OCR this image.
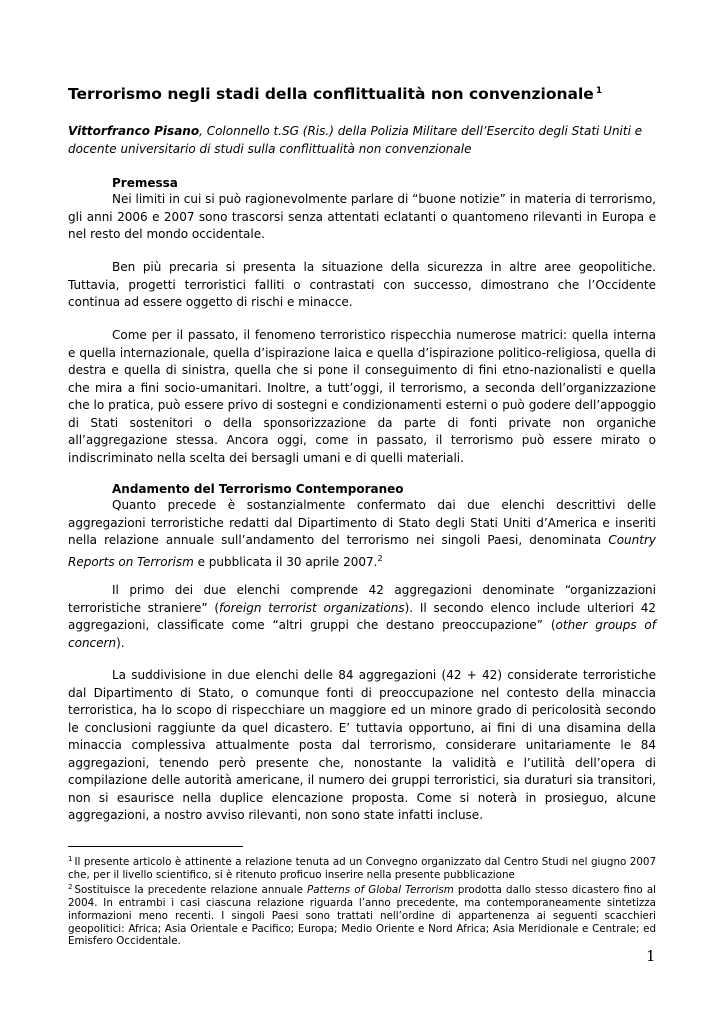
Terrorismo negli stadi della conflittualità non convenzionale $^1$
Vittorfranco Pisano, Colonnello t.SG (Ris.) della Polizia Militare dell’Esercito degli Stati Uniti e docente universitario di studi sulla conflittualità non convenzionale
Premessa

Nei limiti in cui si può ragionevolmente parlare di “buone notizie” in materia di terrorismo, gli anni 2006 e 2007 sono trascorsi senza attentati eclatanti o quantomeno rilevanti in Europa e nel resto del mondo occidentale.

Ben più precaria si presenta la situazione della sicurezza in altre aree geopolitiche. Tuttavia, progetti terroristici falliti o contrastati con successo, dimostrano che l’Occidente continua ad essere oggetto di rischi e minacce.

Come per il passato, il fenomeno terroristico rispecchia numerose matrici: quella interna e quella internazionale, quella d’ispirazione laica e quella d’ispirazione politico-religiosa, quella di destra e quella di sinistra, quella che si pone il conseguimento di fini etno-nazionalisti e quella che mira a fini socio-umanitari. Inoltre, a tutt’oggi, il terrorismo, a seconda dell’organizzazione che lo pratica, può essere privo di sostegni e condizionamenti esterni o può godere dell’appoggio di Stati sostenitori o della sponsorizzazione da parte di fonti private non organiche all’aggregazione stessa. Ancora oggi, come in passato, il terrorismo può essere mirato o indiscriminato nella scelta dei bersagli umani e di quelli materiali.

Andamento del Terrorismo Contemporaneo

Quanto precede è sostanzialmente confermato dai due elenchi descrittivi delle aggregazioni terroristiche redatti dal Dipartimento di Stato degli Stati Uniti d’America e inseriti nella relazione annuale sull’andamento del terrorismo nei singoli Paesi, denominata Country Reports on Terrorism e pubblicata il 30 aprile 2007.$^2$

Il primo dei due elenchi comprende 42 aggregazioni denominate “organizzazioni terroristiche straniere” (foreign terrorist organizations). Il secondo elenco include ulteriori 42 aggregazioni, classificate come “altri gruppi che destano preoccupazione” (other groups of concern).

La suddivisione in due elenchi delle 84 aggregazioni (42 + 42) considerate terroristiche dal Dipartimento di Stato, o comunque fonti di preoccupazione nel contesto della minaccia terroristica, ha lo scopo di rispecchiare un maggiore ed un minore grado di pericolosità secondo le conclusioni raggiunte da quel dicastero. E’ tuttavia opportuno, ai fini di una disamina della minaccia complessiva attualmente posta dal terrorismo, considerare unitariamente le 84 aggregazioni, tenendo però presente che, nonostante la validità e l’utilità dell’opera di compilazione delle autorità americane, il numero dei gruppi terroristici, sia duraturi sia transitori, non si esaurisce nella duplice elencazione proposta. Come si noterà in prosieguo, alcune aggregazioni, a nostro avviso rilevanti, non sono state infatti incluse.

$^1$ Il presente articolo è attinente a relazione tenuta ad un Convegno organizzato dal Centro Studi nel giugno 2007 che, per il livello scientifico, si è ritenuto proficuo inserire nella presente pubblicazione
$^2$ Sostituisce la precedente relazione annuale Patterns of Global Terrorism prodotta dallo stesso dicastero fino al 2004. In entrambi i casi ciascuna relazione riguarda l’anno precedente, ma contemporaneamente sintetizza informazioni meno recenti. I singoli Paesi sono trattati nell’ordine di appartenenza ai seguenti scacchieri geopolitici: Africa; Asia Orientale e Pacifico; Europa; Medio Oriente e Nord Africa; Asia Meridionale e Centrale; ed Emisfero Occidentale.
1
